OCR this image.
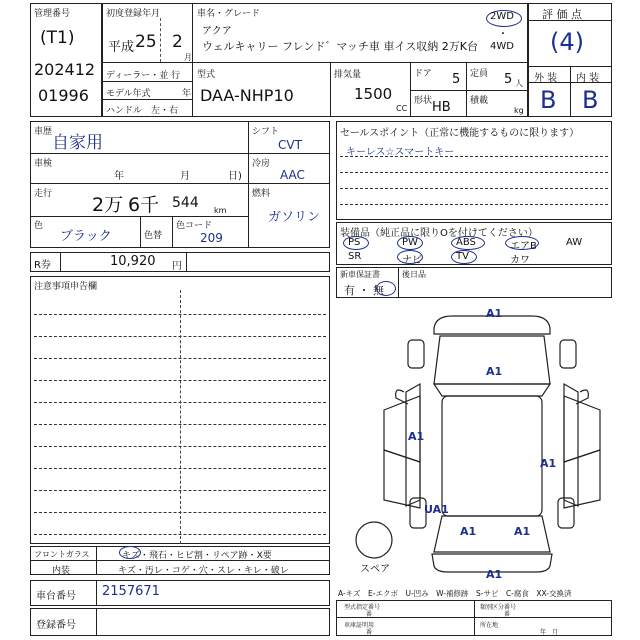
管理番号
(T1)
202412
01996
初度登録年月
平成 25 2
月
車名・グレード
アクア
ウェルキャリー フレンド゛マッチ車 車イス収納 2万K台
2WD
・
4WD
ディーラー・並 行
モデル年式	年
ハンドル　左・右
型式
DAA-NHP10
排気量
1500
CC
ドア 5 定員 5 人
形状 HB 積載
kg
評 価 点
(4)
外 装 内 装
B B
車歴
自家用
車検
年	月	日)
走行 2万 6千 544 km
色
ブラック	色替
色コード
209
シフト
CVT
冷房
AAC
燃料
ガソリン
R券	10,920 円
注意事項申告欄
セールスポイント（正常に機能するものに限ります）
キーレス☆スマートキー
装備品（純正品に限りOを付けてください）
PS	PW	ABS	エアB	AW
SR	ナビ	TV	カワ
新車保証書
有 ・ 無
後日品
A1
A1
A1
A1
UA1
A1	A1
A1
スペア
フロントガラス	キズ・飛石・ヒビ割・リペア跡・X要
内装	キズ・汚レ・コゲ・穴・スレ・キレ・破レ
車台番号 2157671
登録番号
A-キズ　E-エクボ　U-凹み　W-補修跡　S-サビ　C-腐食　XX-交換済
型式指定番号
番
類別区分番号
番
車庫証明用
番
所在地
年　月
